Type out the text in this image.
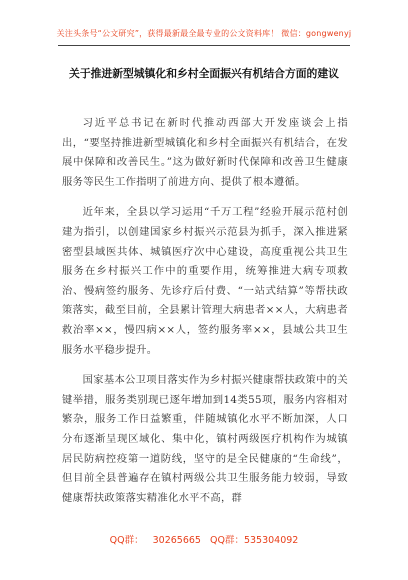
关注头条号“公文研究”，获得最新最全最专业的公文资料库！ 微信：gongwenyj
关于推进新型城镇化和乡村全面振兴有机结合方面的建议

习近平总书记在新时代推动西部大开发座谈会上指出，“要坚持推进新型城镇化和乡村全面振兴有机结合，在发展中保障和改善民生。”这为做好新时代保障和改善卫生健康服务等民生工作指明了前进方向、提供了根本遵循。

近年来，全县以学习运用“千万工程”经验开展示范村创建为指引，以创建国家乡村振兴示范县为抓手，深入推进紧密型县域医共体、城镇医疗次中心建设，高度重视公共卫生服务在乡村振兴工作中的重要作用，统筹推进大病专项救治、慢病签约服务、先诊疗后付费、“一站式结算”等帮扶政策落实，截至目前，全县累计管理大病患者××人，大病患者救治率××，慢四病××人，签约服务率××，县域公共卫生服务水平稳步提升。

国家基本公卫项目落实作为乡村振兴健康帮扶政策中的关键举措，服务类别现已逐年增加到14类55项，服务内容相对繁杂，服务工作日益繁重，伴随城镇化水平不断加深，人口分布逐渐呈现区域化、集中化，镇村两级医疗机构作为城镇居民防病控疫第一道防线，坚守的是全民健康的“生命线”，但目前全县普遍存在镇村两级公共卫生服务能力较弱，导致健康帮扶政策落实精准化水平不高，群

QQ群： 30265665 QQ群：535304092
